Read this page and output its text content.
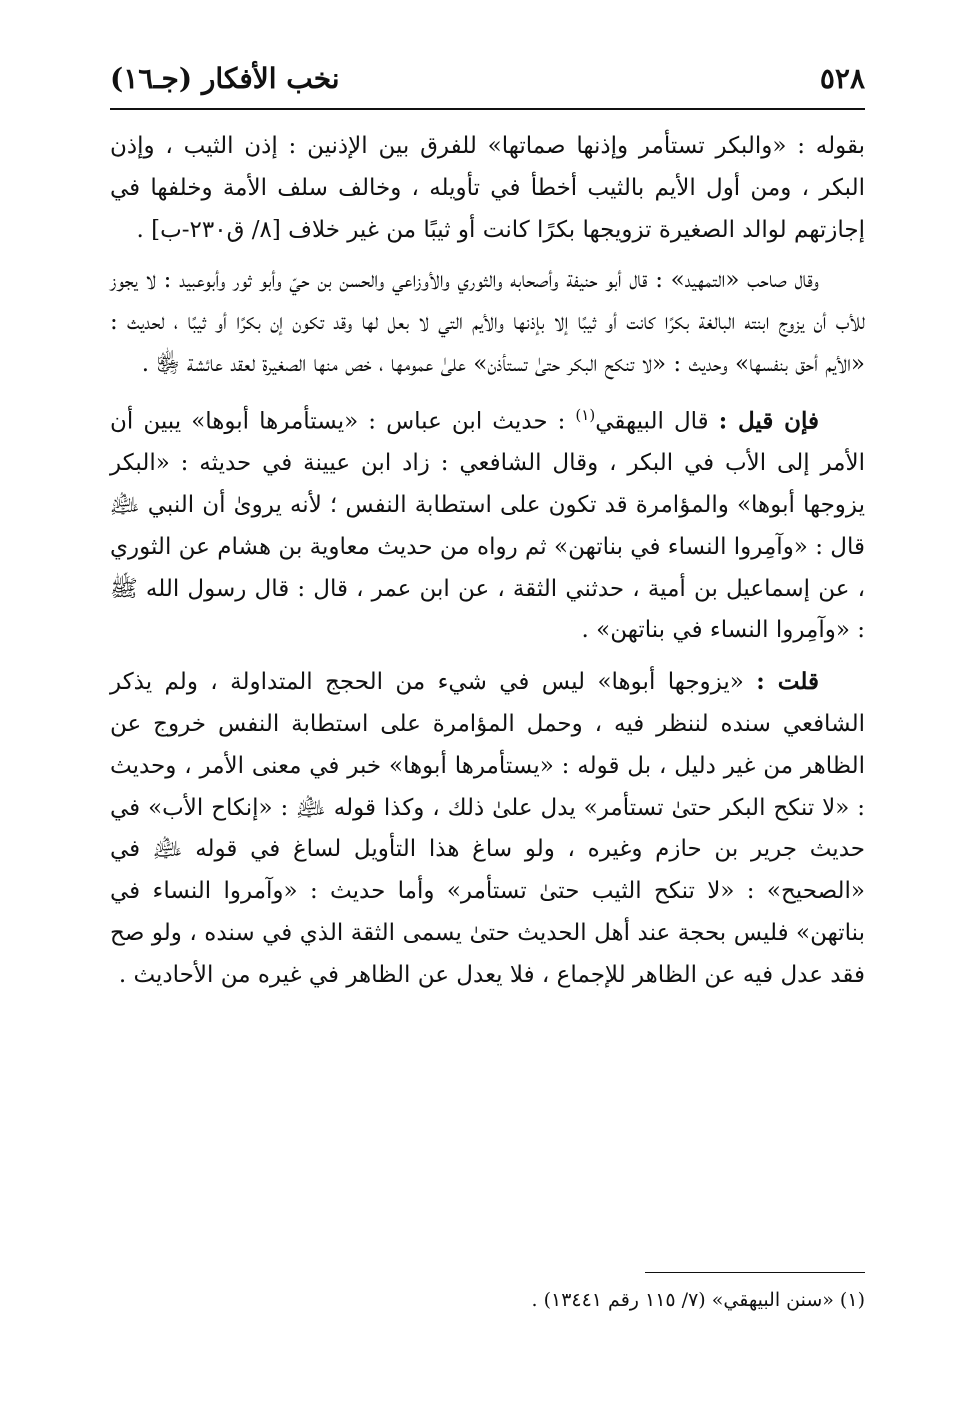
٥٢٨
نخب الأفكار (جـ١٦)

بقوله : «والبكر تستأمر وإذنها صماتها» للفرق بين الإذنين : إذن الثيب ، وإذن البكر ، ومن أول الأيم بالثيب أخطأ في تأويله ، وخالف سلف الأمة وخلفها في إجازتهم لوالد الصغيرة تزويجها بكرًا كانت أو ثيبًا من غير خلاف [٨/ ق٢٣٠-ب] .

وقال صاحب «التمهيد» : قال أبو حنيفة وأصحابه والثوري والأوزاعي والحسن بن حيّ وأبو ثور وأبوعبيد : لا يجوز للأب أن يزوج ابنته البالغة بكرًا كانت أو ثيبًا إلا بإذنها والأيم التي لا بعل لها وقد تكون إن بكرًا أو ثيبًا ، لحديث : «الأيم أحق بنفسها» وحديث : «لا تنكح البكر حتىٰ تستأذن» علىٰ عمومها ، خص منها الصغيرة لعقد عائشة ﵂ .

فإن قيل : قال البيهقي$^{(١)}$ : حديث ابن عباس : «يستأمرها أبوها» يبين أن الأمر إلى الأب في البكر ، وقال الشافعي : زاد ابن عيينة في حديثه : «البكر يزوجها أبوها» والمؤامرة قد تكون على استطابة النفس ؛ لأنه يروىٰ أن النبي ﵇ قال : «وآمِروا النساء في بناتهن» ثم رواه من حديث معاوية بن هشام عن الثوري ، عن إسماعيل بن أمية ، حدثني الثقة ، عن ابن عمر ، قال : قال رسول الله ﷺ : «وآمِروا النساء في بناتهن» .

قلت : «يزوجها أبوها» ليس في شيء من الحجج المتداولة ، ولم يذكر الشافعي سنده لننظر فيه ، وحمل المؤامرة على استطابة النفس خروج عن الظاهر من غير دليل ، بل قوله : «يستأمرها أبوها» خبر في معنى الأمر ، وحديث : «لا تنكح البكر حتىٰ تستأمر» يدل علىٰ ذلك ، وكذا قوله ﵇ : «إنكاح الأب» في حديث جرير بن حازم وغيره ، ولو ساغ هذا التأويل لساغ في قوله ﵇ في «الصحيح» : «لا تنكح الثيب حتىٰ تستأمر» وأما حديث : «وآمروا النساء في بناتهن» فليس بحجة عند أهل الحديث حتىٰ يسمى الثقة الذي في سنده ، ولو صح فقد عدل فيه عن الظاهر للإجماع ، فلا يعدل عن الظاهر في غيره من الأحاديث .

(١) «سنن البيهقي» (٧/ ١١٥ رقم ١٣٤٤١) .
